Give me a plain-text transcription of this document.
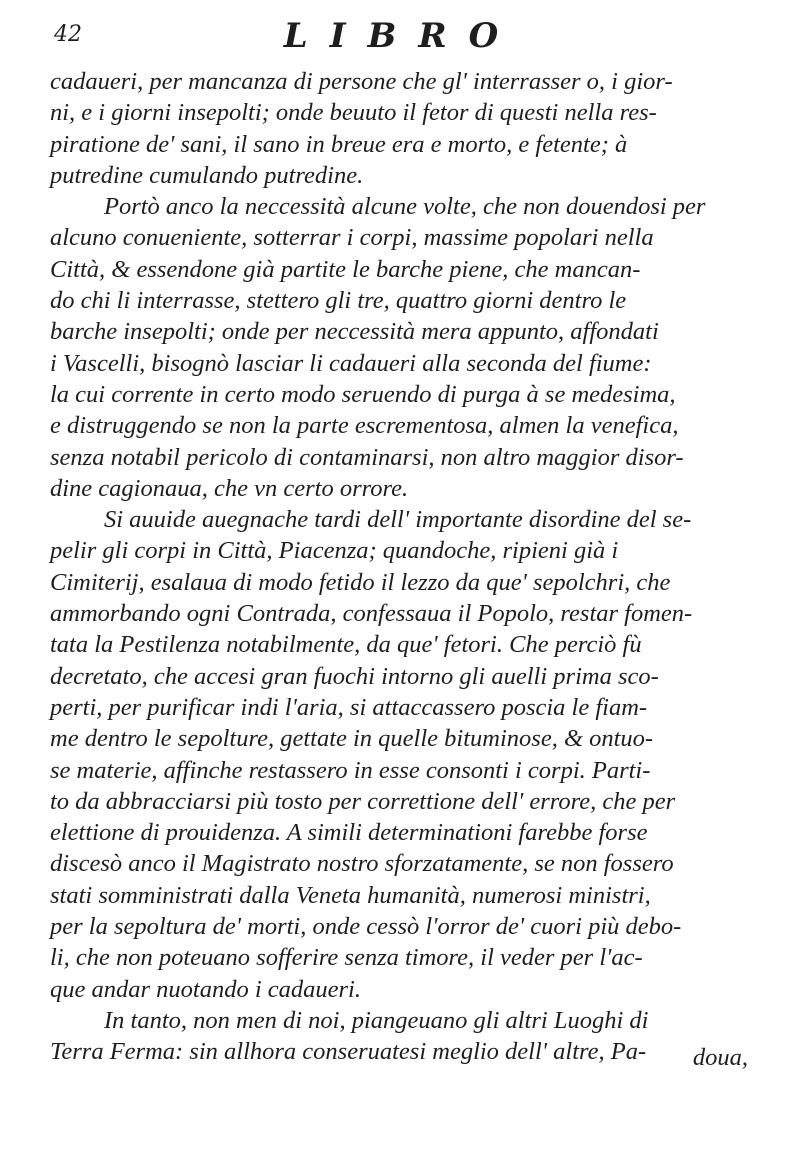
42	LIBRO
cadaueri, per mancanza di persone che gl' interrasser o, i gior-
ni, e i giorni insepolti; onde beuuto il fetor di questi nella res-
piratione de' sani, il sano in breue era e morto, e fetente; à
putredine cumulando putredine.
Portò anco la neccessità alcune volte, che non douendosi per
alcuno conueniente, sotterrar i corpi, massime popolari nella
Città, & essendone già partite le barche piene, che mancan-
do chi li interrasse, stettero gli tre, quattro giorni dentro le
barche insepolti; onde per neccessità mera appunto, affondati
i Vascelli, bisognò lasciar li cadaueri alla seconda del fiume:
la cui corrente in certo modo seruendo di purga à se medesima,
e distruggendo se non la parte escrementosa, almen la venefica,
senza notabil pericolo di contaminarsi, non altro maggior disor-
dine cagionaua, che vn certo orrore.
Si auuide auegnache tardi dell' importante disordine del se-
pelir gli corpi in Città, Piacenza; quandoche, ripieni già i
Cimiterij, esalaua di modo fetido il lezzo da que' sepolchri, che
ammorbando ogni Contrada, confessaua il Popolo, restar fomen-
tata la Pestilenza notabilmente, da que' fetori. Che perciò fù
decretato, che accesi gran fuochi intorno gli auelli prima sco-
perti, per purificar indi l'aria, si attaccassero poscia le fiam-
me dentro le sepolture, gettate in quelle bituminose, & ontuo-
se materie, affinche restassero in esse consonti i corpi. Parti-
to da abbracciarsi più tosto per correttione dell' errore, che per
elettione di prouidenza. A simili determinationi farebbe forse
discesò anco il Magistrato nostro sforzatamente, se non fossero
stati somministrati dalla Veneta humanità, numerosi ministri,
per la sepoltura de' morti, onde cessò l'orror de' cuori più debo-
li, che non poteuano sofferire senza timore, il veder per l'ac-
que andar nuotando i cadaueri.
In tanto, non men di noi, piangeuano gli altri Luoghi di
Terra Ferma: sin allhora conseruatesi meglio dell' altre, Pa-	doua,
